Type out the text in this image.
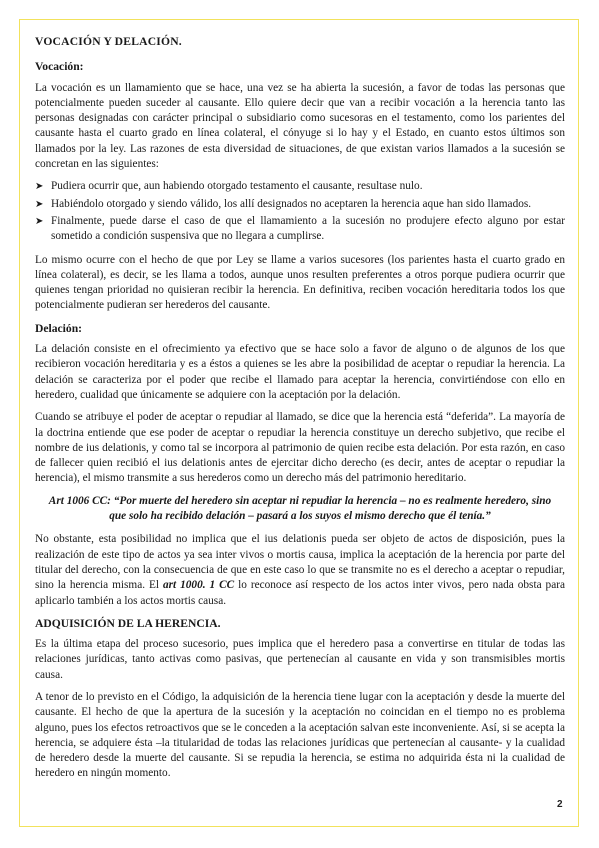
VOCACIÓN Y DELACIÓN.
Vocación:

La vocación es un llamamiento que se hace, una vez se ha abierta la sucesión, a favor de todas las personas que potencialmente pueden suceder al causante. Ello quiere decir que van a recibir vocación a la herencia tanto las personas designadas con carácter principal o subsidiario como sucesoras en el testamento, como los parientes del causante hasta el cuarto grado en línea colateral, el cónyuge si lo hay y el Estado, en cuanto estos últimos son llamados por la ley. Las razones de esta diversidad de situaciones, de que existan varios llamados a la sucesión se concretan en las siguientes:

➤ Pudiera ocurrir que, aun habiendo otorgado testamento el causante, resultase nulo.
➤ Habiéndolo otorgado y siendo válido, los allí designados no aceptaren la herencia aque han sido llamados.
➤ Finalmente, puede darse el caso de que el llamamiento a la sucesión no produjere efecto alguno por estar sometido a condición suspensiva que no llegara a cumplirse.

Lo mismo ocurre con el hecho de que por Ley se llame a varios sucesores (los parientes hasta el cuarto grado en línea colateral), es decir, se les llama a todos, aunque unos resulten preferentes a otros porque pudiera ocurrir que quienes tengan prioridad no quisieran recibir la herencia. En definitiva, reciben vocación hereditaria todos los que potencialmente pudieran ser herederos del causante.

Delación:

La delación consiste en el ofrecimiento ya efectivo que se hace solo a favor de alguno o de algunos de los que recibieron vocación hereditaria y es a éstos a quienes se les abre la posibilidad de aceptar o repudiar la herencia. La delación se caracteriza por el poder que recibe el llamado para aceptar la herencia, convirtiéndose con ello en heredero, cualidad que únicamente se adquiere con la aceptación por la delación.

Cuando se atribuye el poder de aceptar o repudiar al llamado, se dice que la herencia está “deferida”. La mayoría de la doctrina entiende que ese poder de aceptar o repudiar la herencia constituye un derecho subjetivo, que recibe el nombre de ius delationis, y como tal se incorpora al patrimonio de quien recibe esta delación. Por esta razón, en caso de fallecer quien recibió el ius delationis antes de ejercitar dicho derecho (es decir, antes de aceptar o repudiar la herencia), el mismo transmite a sus herederos como un derecho más del patrimonio hereditario.

Art 1006 CC: “Por muerte del heredero sin aceptar ni repudiar la herencia – no es realmente heredero, sino que solo ha recibido delación – pasará a los suyos el mismo derecho que él tenía.”

No obstante, esta posibilidad no implica que el ius delationis pueda ser objeto de actos de disposición, pues la realización de este tipo de actos ya sea inter vivos o mortis causa, implica la aceptación de la herencia por parte del titular del derecho, con la consecuencia de que en este caso lo que se transmite no es el derecho a aceptar o repudiar, sino la herencia misma. El art 1000. 1 CC lo reconoce así respecto de los actos inter vivos, pero nada obsta para aplicarlo también a los actos mortis causa.

ADQUISICIÓN DE LA HERENCIA.

Es la última etapa del proceso sucesorio, pues implica que el heredero pasa a convertirse en titular de todas las relaciones jurídicas, tanto activas como pasivas, que pertenecían al causante en vida y son transmisibles mortis causa.

A tenor de lo previsto en el Código, la adquisición de la herencia tiene lugar con la aceptación y desde la muerte del causante. El hecho de que la apertura de la sucesión y la aceptación no coincidan en el tiempo no es problema alguno, pues los efectos retroactivos que se le conceden a la aceptación salvan este inconveniente. Así, si se acepta la herencia, se adquiere ésta –la titularidad de todas las relaciones jurídicas que pertenecían al causante- y la cualidad de heredero desde la muerte del causante. Si se repudia la herencia, se estima no adquirida ésta ni la cualidad de heredero en ningún momento.

2
